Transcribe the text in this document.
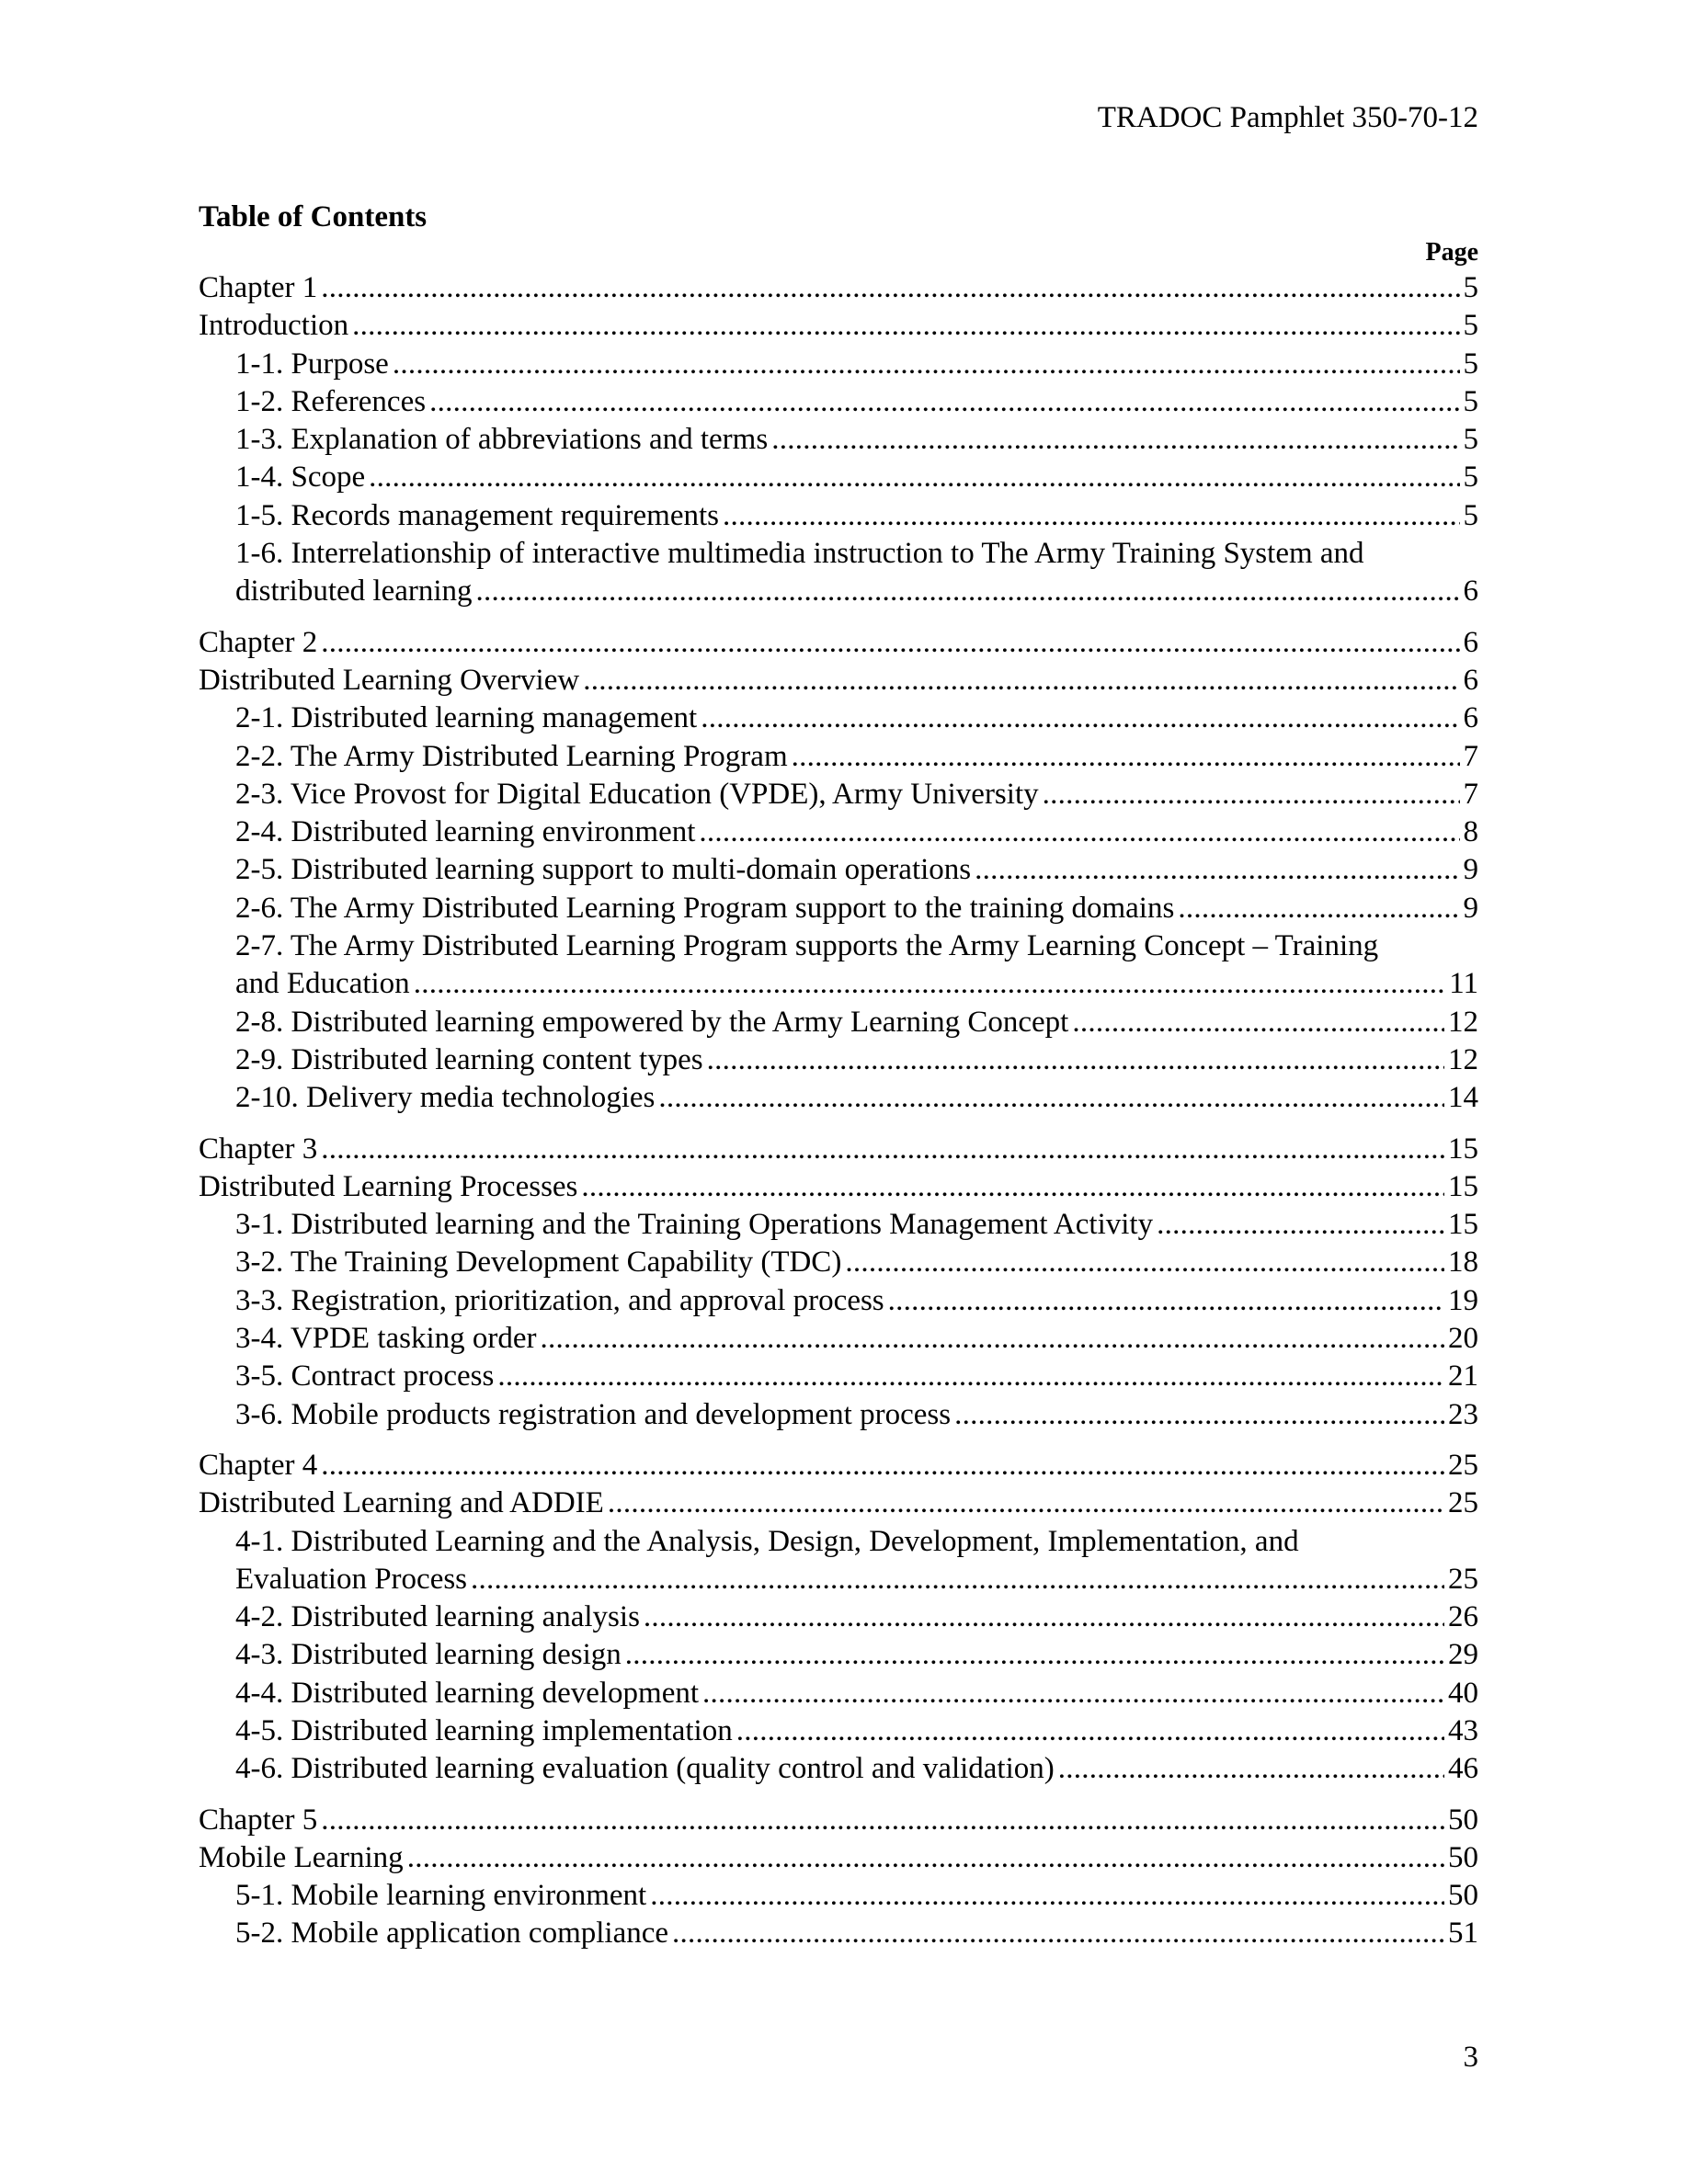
TRADOC Pamphlet 350-70-12
Table of Contents
Page
Chapter 1 . . .	5
Introduction . . .	5
1-1. Purpose . . .	5
1-2. References . . .	5
1-3. Explanation of abbreviations and terms . . .	5
1-4. Scope . . .	5
1-5. Records management requirements . . .	5
1-6. Interrelationship of interactive multimedia instruction to The Army Training System and
distributed learning . . .	6
Chapter 2 . . .	6
Distributed Learning Overview . . .	6
2-1. Distributed learning management . . .	6
2-2. The Army Distributed Learning Program . . .	7
2-3. Vice Provost for Digital Education (VPDE), Army University . . .	7
2-4. Distributed learning environment . . .	8
2-5. Distributed learning support to multi-domain operations . . .	9
2-6. The Army Distributed Learning Program support to the training domains . . .	9
2-7. The Army Distributed Learning Program supports the Army Learning Concept – Training
and Education . . .	11
2-8. Distributed learning empowered by the Army Learning Concept . . .	12
2-9. Distributed learning content types . . .	12
2-10. Delivery media technologies . . .	14
Chapter 3 . . .	15
Distributed Learning Processes . . .	15
3-1. Distributed learning and the Training Operations Management Activity . . .	15
3-2. The Training Development Capability (TDC) . . .	18
3-3. Registration, prioritization, and approval process . . .	19
3-4. VPDE tasking order . . .	20
3-5. Contract process . . .	21
3-6. Mobile products registration and development process . . .	23
Chapter 4 . . .	25
Distributed Learning and ADDIE . . .	25
4-1. Distributed Learning and the Analysis, Design, Development, Implementation, and
Evaluation Process . . .	25
4-2. Distributed learning analysis . . .	26
4-3. Distributed learning design . . .	29
4-4. Distributed learning development . . .	40
4-5. Distributed learning implementation . . .	43
4-6. Distributed learning evaluation (quality control and validation) . . .	46
Chapter 5 . . .	50
Mobile Learning . . .	50
5-1. Mobile learning environment . . .	50
5-2. Mobile application compliance . . .	51
3
